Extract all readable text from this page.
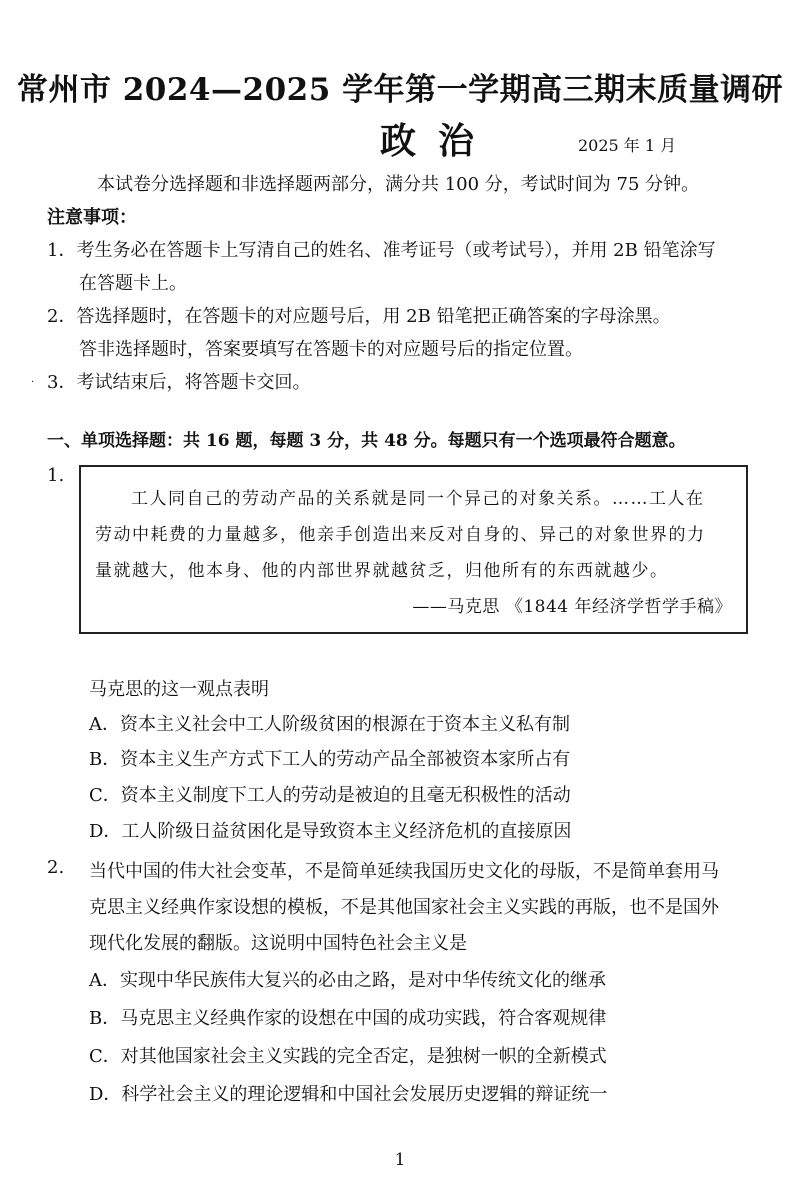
常州市 2024—2025 学年第一学期高三期末质量调研
政治	2025 年 1 月
本试卷分选择题和非选择题两部分，满分共 100 分，考试时间为 75 分钟。
注意事项：
1．考生务必在答题卡上写清自己的姓名、准考证号（或考试号），并用 2B 铅笔涂写
在答题卡上。
2．答选择题时，在答题卡的对应题号后，用 2B 铅笔把正确答案的字母涂黑。
答非选择题时，答案要填写在答题卡的对应题号后的指定位置。
3．考试结束后，将答题卡交回。
·
一、单项选择题：共 16 题，每题 3 分，共 48 分。每题只有一个选项最符合题意。
1.
工人同自己的劳动产品的关系就是同一个异己的对象关系。……工人在
劳动中耗费的力量越多，他亲手创造出来反对自身的、异己的对象世界的力
量就越大，他本身、他的内部世界就越贫乏，归他所有的东西就越少。
——马克思 《1844 年经济学哲学手稿》
马克思的这一观点表明
A．资本主义社会中工人阶级贫困的根源在于资本主义私有制
B．资本主义生产方式下工人的劳动产品全部被资本家所占有
C．资本主义制度下工人的劳动是被迫的且毫无积极性的活动
D．工人阶级日益贫困化是导致资本主义经济危机的直接原因
2. 当代中国的伟大社会变革，不是简单延续我国历史文化的母版，不是简单套用马
克思主义经典作家设想的模板，不是其他国家社会主义实践的再版，也不是国外
现代化发展的翻版。这说明中国特色社会主义是
A．实现中华民族伟大复兴的必由之路，是对中华传统文化的继承
B．马克思主义经典作家的设想在中国的成功实践，符合客观规律
C．对其他国家社会主义实践的完全否定，是独树一帜的全新模式
D．科学社会主义的理论逻辑和中国社会发展历史逻辑的辩证统一
1
